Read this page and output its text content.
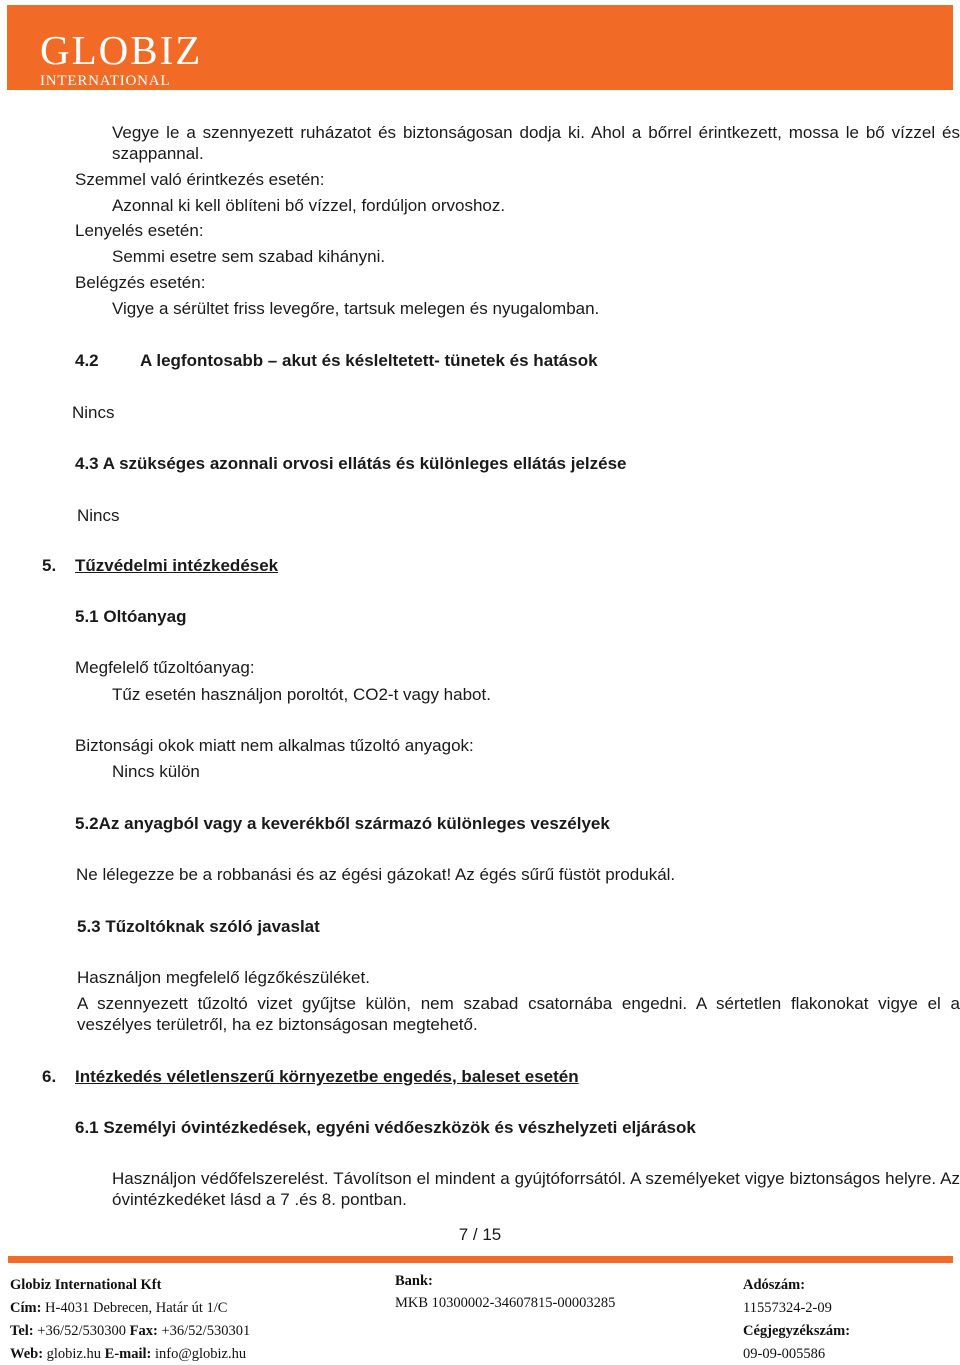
GLOBIZ
INTERNATIONAL
Vegye le a szennyezett ruházatot és biztonságosan dodja ki. Ahol a bőrrel érintkezett, mossa le bő vízzel és szappannal.
Szemmel való érintkezés esetén:
Azonnal ki kell öblíteni bő vízzel, fordúljon orvoshoz.
Lenyelés esetén:
Semmi esetre sem szabad kihányni.
Belégzés esetén:
Vigye a sérültet friss levegőre, tartsuk melegen és nyugalomban.
4.2 A legfontosabb – akut és késleltetett- tünetek és hatások
Nincs
4.3 A szükséges azonnali orvosi ellátás és különleges ellátás jelzése
Nincs
5. Tűzvédelmi intézkedések
5.1 Oltóanyag
Megfelelő tűzoltóanyag:
Tűz esetén használjon poroltót, CO2-t vagy habot.
Biztonsági okok miatt nem alkalmas tűzoltó anyagok:
Nincs külön
5.2Az anyagból vagy a keverékből származó különleges veszélyek
Ne lélegezze be a robbanási és az égési gázokat! Az égés sűrű füstöt produkál.
5.3 Tűzoltóknak szóló javaslat
Használjon megfelelő légzőkészüléket.
A szennyezett tűzoltó vizet gyűjtse külön, nem szabad csatornába engedni. A sértetlen flakonokat vigye el a veszélyes területről, ha ez biztonságosan megtehető.
6. Intézkedés véletlenszerű környezetbe engedés, baleset esetén
6.1 Személyi óvintézkedések, egyéni védőeszközök és vészhelyzeti eljárások
Használjon védőfelszerelést. Távolítson el mindent a gyújtóforrsától. A személyeket vigye biztonságos helyre. Az óvintézkedéket lásd a 7 .és 8. pontban.
7 / 15
Globiz International Kft
Cím: H-4031 Debrecen, Határ út 1/C
Tel: +36/52/530300 Fax: +36/52/530301
Web: globiz.hu E-mail: info@globiz.hu
Bank:
MKB 10300002-34607815-00003285
Adószám:
11557324-2-09
Cégjegyzékszám:
09-09-005586
